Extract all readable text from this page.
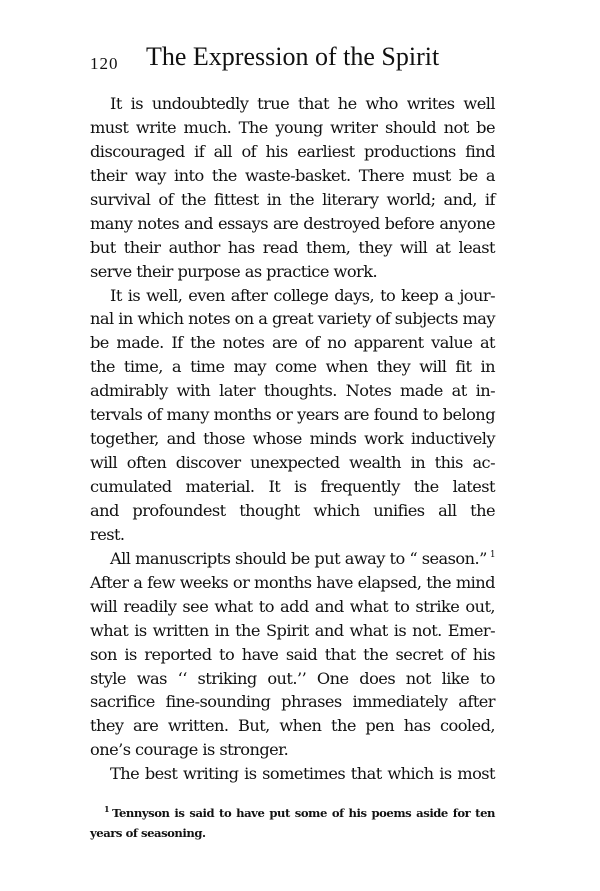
120 The Expression of the Spirit
It is undoubtedly true that he who writes well
must write much. The young writer should not be
discouraged if all of his earliest productions find
their way into the waste-basket. There must be a
survival of the fittest in the literary world; and, if
many notes and essays are destroyed before anyone
but their author has read them, they will at least
serve their purpose as practice work.
It is well, even after college days, to keep a jour-
nal in which notes on a great variety of subjects may
be made. If the notes are of no apparent value at
the time, a time may come when they will fit in
admirably with later thoughts. Notes made at in-
tervals of many months or years are found to belong
together, and those whose minds work inductively
will often discover unexpected wealth in this ac-
cumulated material. It is frequently the latest
and profoundest thought which unifies all the
rest.
All manuscripts should be put away to “ season.” $^1$
After a few weeks or months have elapsed, the mind
will readily see what to add and what to strike out,
what is written in the Spirit and what is not. Emer-
son is reported to have said that the secret of his
style was ‘‘ striking out.’’ One does not like to
sacrifice fine-sounding phrases immediately after
they are written. But, when the pen has cooled,
one’s courage is stronger.
The best writing is sometimes that which is most
$^1$ Tennyson is said to have put some of his poems aside for ten
years of seasoning.
